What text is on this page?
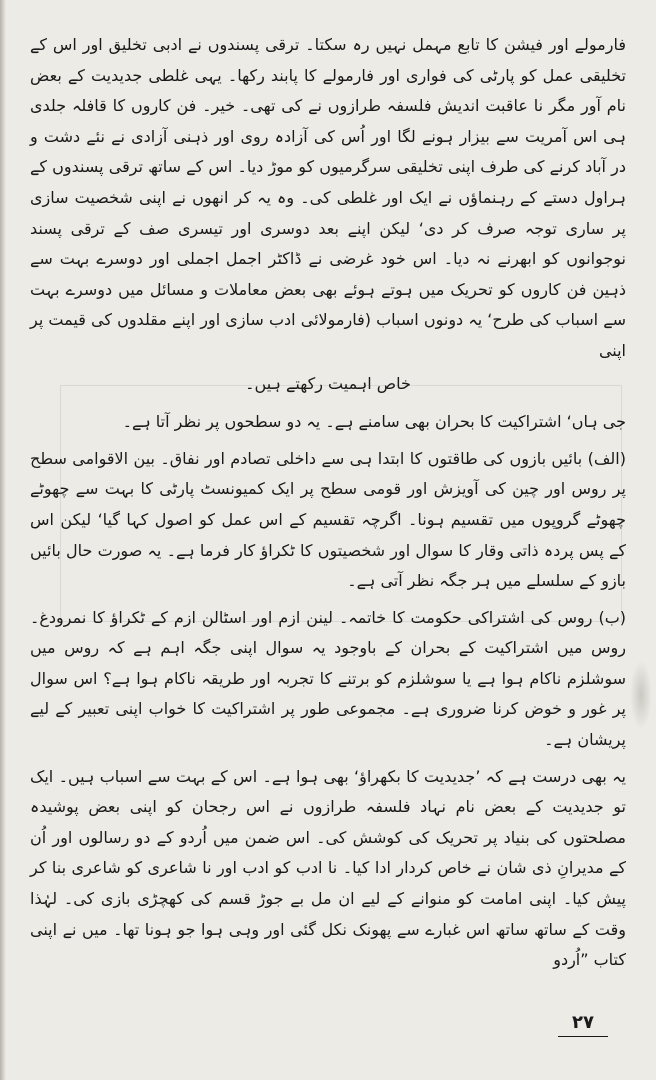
فارمولے اور فیشن کا تابع مہمل نہیں رہ سکتا۔ ترقی پسندوں نے ادبی تخلیق اور اس کے تخلیقی عمل کو پارٹی کی فواری اور فارمولے کا پابند رکھا۔ یہی غلطی جدیدیت کے بعض نام آور مگر نا عاقبت اندیش فلسفہ طرازوں نے کی تھی۔ خیر۔ فن کاروں کا قافلہ جلدی ہی اس آمریت سے بیزار ہونے لگا اور اُس کی آزادہ روی اور ذہنی آزادی نے نئے دشت و در آباد کرنے کی طرف اپنی تخلیقی سرگرمیوں کو موڑ دیا۔ اس کے ساتھ ترقی پسندوں کے ہراول دستے کے رہنماؤں نے ایک اور غلطی کی۔ وہ یہ کر انھوں نے اپنی شخصیت سازی پر ساری توجہ صرف کر دی‘ لیکن اپنے بعد دوسری اور تیسری صف کے ترقی پسند نوجوانوں کو ابھرنے نہ دیا۔ اس خود غرضی نے ڈاکٹر اجمل اجملی اور دوسرے بہت سے ذہین فن کاروں کو تحریک میں ہوتے ہوئے بھی بعض معاملات و مسائل میں دوسرے بہت سے اسباب کی طرح‘ یہ دونوں اسباب (فارمولائی ادب سازی اور اپنے مقلدوں کی قیمت پر اپنی

خاص اہمیت رکھتے ہیں۔

جی ہاں‘ اشتراکیت کا بحران بھی سامنے ہے۔ یہ دو سطحوں پر نظر آتا ہے۔

(الف) بائیں بازوں کی طاقتوں کا ابتدا ہی سے داخلی تصادم اور نفاق۔ بین الاقوامی سطح پر روس اور چین کی آویزش اور قومی سطح پر ایک کمیونسٹ پارٹی کا بہت سے چھوٹے چھوٹے گروپوں میں تقسیم ہونا۔ اگرچہ تقسیم کے اس عمل کو اصول کہا گیا‘ لیکن اس کے پس پردہ ذاتی وقار کا سوال اور شخصیتوں کا ٹکراؤ کار فرما ہے۔ یہ صورت حال بائیں بازو کے سلسلے میں ہر جگہ نظر آتی ہے۔

(ب) روس کی اشتراکی حکومت کا خاتمہ۔ لینن ازم اور اسٹالن ازم کے ٹکراؤ کا نمرودغ۔ روس میں اشتراکیت کے بحران کے باوجود یہ سوال اپنی جگہ اہم ہے کہ روس میں سوشلزم ناکام ہوا ہے یا سوشلزم کو برتنے کا تجربہ اور طریقہ ناکام ہوا ہے؟ اس سوال پر غور و خوض کرنا ضروری ہے۔ مجموعی طور پر اشتراکیت کا خواب اپنی تعبیر کے لیے پریشان ہے۔

یہ بھی درست ہے کہ ’جدیدیت کا بکھراؤ‘ بھی ہوا ہے۔ اس کے بہت سے اسباب ہیں۔ ایک تو جدیدیت کے بعض نام نہاد فلسفہ طرازوں نے اس رجحان کو اپنی بعض پوشیدہ مصلحتوں کی بنیاد پر تحریک کی کوشش کی۔ اس ضمن میں اُردو کے دو رسالوں اور اُن کے مدیرانِ ذی شان نے خاص کردار ادا کیا۔ نا ادب کو ادب اور نا شاعری کو شاعری بنا کر پیش کیا۔ اپنی امامت کو منوانے کے لیے ان مل بے جوڑ قسم کی کھچڑی بازی کی۔ لہٰذا وقت کے ساتھ ساتھ اس غبارے سے پھونک نکل گئی اور وہی ہوا جو ہونا تھا۔ میں نے اپنی کتاب ”اُردو

۲۷
